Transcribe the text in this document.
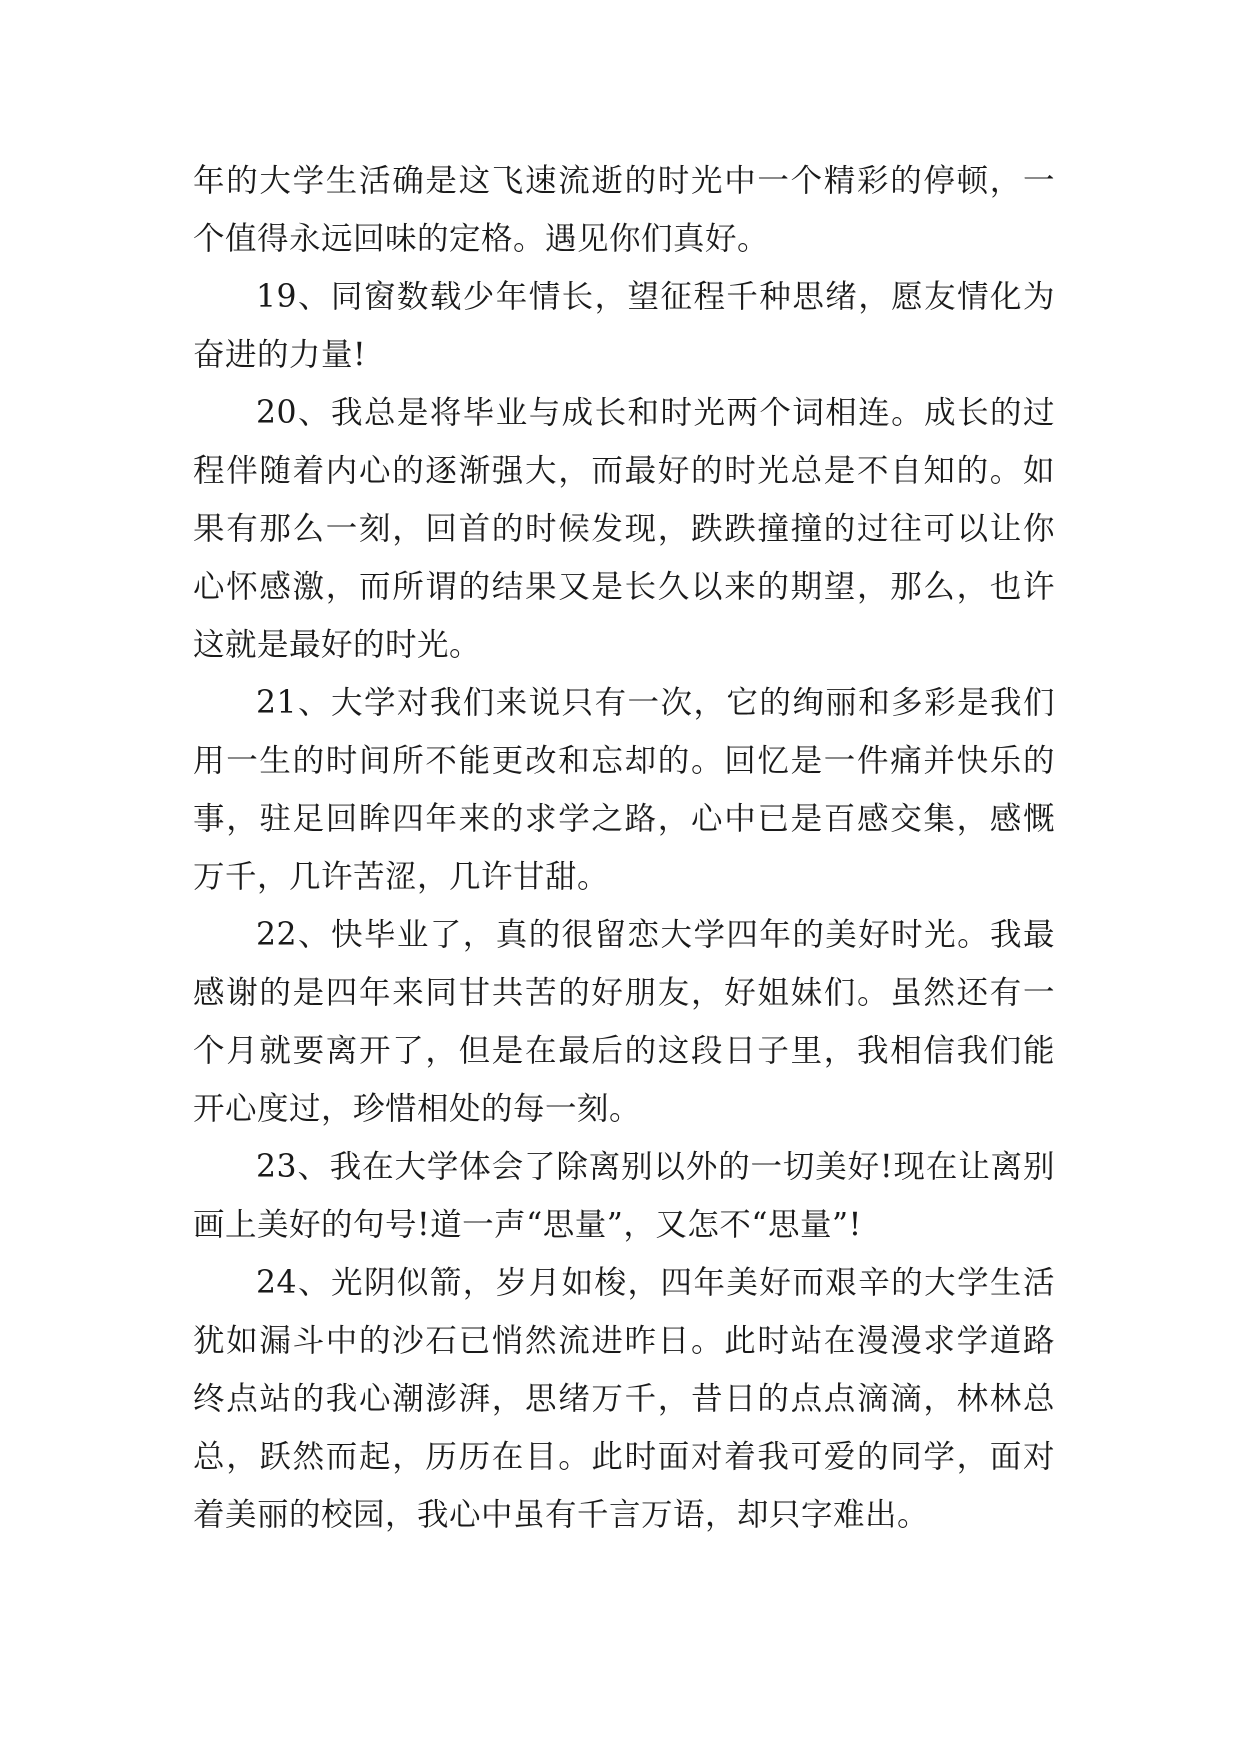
年的大学生活确是这飞速流逝的时光中一个精彩的停顿，一个值得永远回味的定格。遇见你们真好。

19、同窗数载少年情长，望征程千种思绪，愿友情化为奋进的力量!

20、我总是将毕业与成长和时光两个词相连。成长的过程伴随着内心的逐渐强大，而最好的时光总是不自知的。如果有那么一刻，回首的时候发现，跌跌撞撞的过往可以让你心怀感激，而所谓的结果又是长久以来的期望，那么，也许这就是最好的时光。

21、大学对我们来说只有一次，它的绚丽和多彩是我们用一生的时间所不能更改和忘却的。回忆是一件痛并快乐的事，驻足回眸四年来的求学之路，心中已是百感交集，感慨万千，几许苦涩，几许甘甜。

22、快毕业了，真的很留恋大学四年的美好时光。我最感谢的是四年来同甘共苦的好朋友，好姐妹们。虽然还有一个月就要离开了，但是在最后的这段日子里，我相信我们能开心度过，珍惜相处的每一刻。

23、我在大学体会了除离别以外的一切美好!现在让离别画上美好的句号!道一声“思量”，又怎不“思量”!

24、光阴似箭，岁月如梭，四年美好而艰辛的大学生活犹如漏斗中的沙石已悄然流进昨日。此时站在漫漫求学道路终点站的我心潮澎湃，思绪万千，昔日的点点滴滴，林林总总，跃然而起，历历在目。此时面对着我可爱的同学，面对着美丽的校园，我心中虽有千言万语，却只字难出。
